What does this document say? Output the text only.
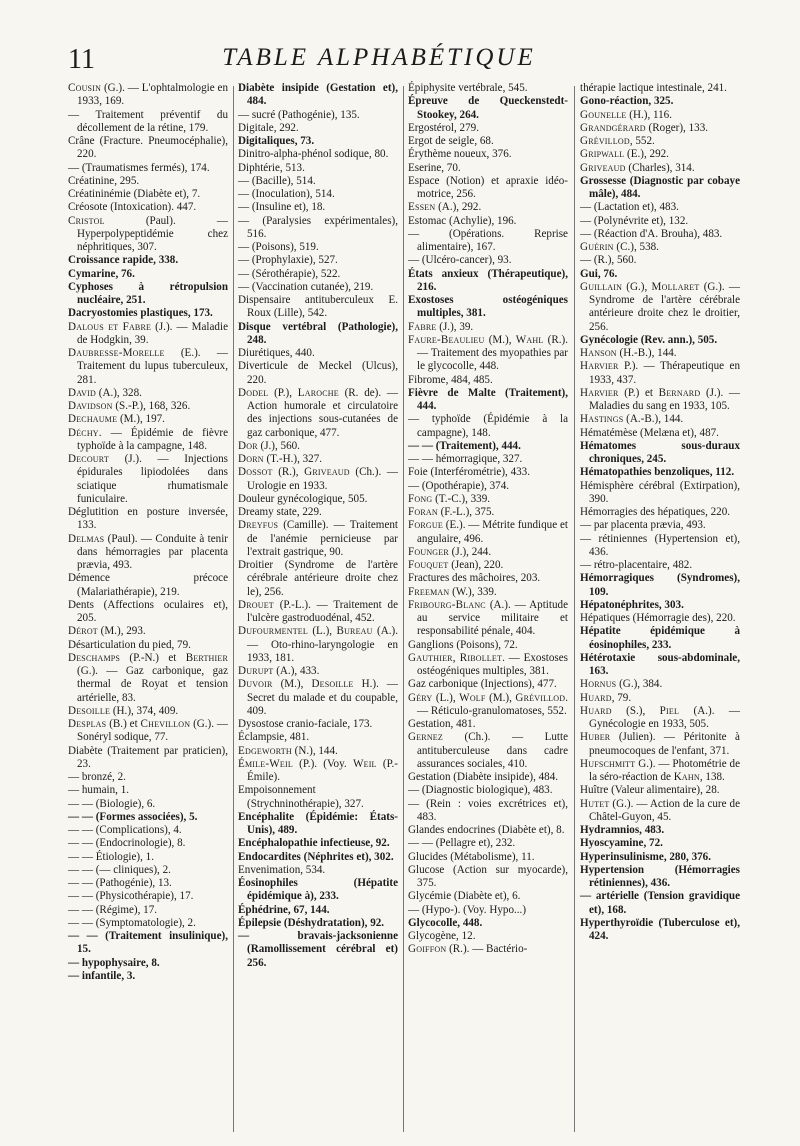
11	TABLE ALPHABÉTIQUE

Cousin (G.). — L'ophtalmologie en 1933, 169.

— Traitement préventif du décollement de la rétine, 179.

Crâne (Fracture. Pneumocéphalie), 220.

— (Traumatismes fermés), 174.

Créatinine, 295.

Créatininémie (Diabète et), 7.

Créosote (Intoxication). 447.

Cristol (Paul). — Hyperpolypeptidémie chez néphritiques, 307.

Croissance rapide, 338.

Cymarine, 76.

Cyphoses à rétropulsion nucléaire, 251.

Dacryostomies plastiques, 173.

Dalous et Fabre (J.). — Maladie de Hodgkin, 39.

Daubresse-Morelle (E.). — Traitement du lupus tuberculeux, 281.

David (A.), 328.

Davidson (S.-P.), 168, 326.

Dechaume (M.), 197.

Déchy. — Épidémie de fièvre typhoïde à la campagne, 148.

Decourt (J.). — Injections épidurales lipiodolées dans sciatique rhumatismale funiculaire.

Déglutition en posture inversée, 133.

Delmas (Paul). — Conduite à tenir dans hémorragies par placenta prævia, 493.

Démence précoce (Malariathérapie), 219.

Dents (Affections oculaires et), 205.

Dérot (M.), 293.

Désarticulation du pied, 79.

Deschamps (P.-N.) et Berthier (G.). — Gaz carbonique, gaz thermal de Royat et tension artérielle, 83.

Desoille (H.), 374, 409.

Desplas (B.) et Chevillon (G.). — Sonéryl sodique, 77.

Diabète (Traitement par praticien), 23.

— bronzé, 2.

— humain, 1.

— — (Biologie), 6.

— — (Formes associées), 5.

— — (Complications), 4.

— — (Endocrinologie), 8.

— — Étiologie), 1.

— — (— cliniques), 2.

— — (Pathogénie), 13.

— — (Physicothérapie), 17.

— — (Régime), 17.

— — (Symptomatologie), 2.

— — (Traitement insulinique), 15.

— hypophysaire, 8.

— infantile, 3.

Diabète insipide (Gestation et), 484.

— sucré (Pathogénie), 135.

Digitale, 292.

Digitaliques, 73.

Dinitro-alpha-phénol sodique, 80.

Diphtérie, 513.

— (Bacille), 514.

— (Inoculation), 514.

— (Insuline et), 18.

— (Paralysies expérimentales), 516.

— (Poisons), 519.

— (Prophylaxie), 527.

— (Sérothérapie), 522.

— (Vaccination cutanée), 219.

Dispensaire antituberculeux E. Roux (Lille), 542.

Disque vertébral (Pathologie), 248.

Diurétiques, 440.

Diverticule de Meckel (Ulcus), 220.

Dodel (P.), Laroche (R. de). — Action humorale et circulatoire des injections sous-cutanées de gaz carbonique, 477.

Dor (J.), 560.

Dorn (T.-H.), 327.

Dossot (R.), Griveaud (Ch.). — Urologie en 1933.

Douleur gynécologique, 505.

Dreamy state, 229.

Dreyfus (Camille). — Traitement de l'anémie pernicieuse par l'extrait gastrique, 90.

Droitier (Syndrome de l'artère cérébrale antérieure droite chez le), 256.

Drouet (P.-L.). — Traitement de l'ulcère gastroduodénal, 452.

Dufourmentel (L.), Bureau (A.). — Oto-rhino-laryngologie en 1933, 181.

Durupt (A.), 433.

Duvoir (M.), Desoille H.). — Secret du malade et du coupable, 409.

Dysostose cranio-faciale, 173.

Éclampsie, 481.

Edgeworth (N.), 144.

Émile-Weil (P.). (Voy. Weil (P.-Émile).

Empoisonnement (Strychninothérapie), 327.

Encéphalite (Épidémie: États-Unis), 489.

Encéphalopathie infectieuse, 92.

Endocardites (Néphrites et), 302.

Envenimation, 534.

Éosinophiles (Hépatite épidémique à), 233.

Éphédrine, 67, 144.

Épilepsie (Déshydratation), 92.

— bravais-jacksonienne (Ramollissement cérébral et) 256.

Épiphysite vertébrale, 545.

Épreuve de Queckenstedt-Stookey, 264.

Ergostérol, 279.

Ergot de seigle, 68.

Érythème noueux, 376.

Eserine, 70.

Espace (Notion) et apraxie idéo-motrice, 256.

Essen (A.), 292.

Estomac (Achylie), 196.

— (Opérations. Reprise alimentaire), 167.

— (Ulcéro-cancer), 93.

États anxieux (Thérapeutique), 216.

Exostoses ostéogéniques multiples, 381.

Fabre (J.), 39.

Faure-Beaulieu (M.), Wahl (R.). — Traitement des myopathies par le glycocolle, 448.

Fibrome, 484, 485.

Fièvre de Malte (Traitement), 444.

— typhoïde (Épidémie à la campagne), 148.

— — (Traitement), 444.

— — hémorragique, 327.

Foie (Interférométrie), 433.

— (Opothérapie), 374.

Fong (T.-C.), 339.

Foran (F.-L.), 375.

Forgue (E.). — Métrite fundique et angulaire, 496.

Founger (J.), 244.

Fouquet (Jean), 220.

Fractures des mâchoires, 203.

Freeman (W.), 339.

Fribourg-Blanc (A.). — Aptitude au service militaire et responsabilité pénale, 404.

Ganglions (Poisons), 72.

Gauthier, Ribollet. — Exostoses ostéogéniques multiples, 381.

Gaz carbonique (Injections), 477.

Géry (L.), Wolf (M.), Grévillod. — Réticulo-granulomatoses, 552.

Gestation, 481.

Gernez (Ch.). — Lutte antituberculeuse dans cadre assurances sociales, 410.

Gestation (Diabète insipide), 484.

— (Diagnostic biologique), 483.

— (Rein : voies excrétrices et), 483.

Glandes endocrines (Diabète et), 8.

— — (Pellagre et), 232.

Glucides (Métabolisme), 11.

Glucose (Action sur myocarde), 375.

Glycémie (Diabète et), 6.

— (Hypo-). (Voy. Hypo...)

Glycocolle, 448.

Glycogène, 12.

Goiffon (R.). — Bactério-

thérapie lactique intestinale, 241.

Gono-réaction, 325.

Gounelle (H.), 116.

Grandgérard (Roger), 133.

Grévillod, 552.

Gripwall (E.), 292.

Griveaud (Charles), 314.

Grossesse (Diagnostic par cobaye mâle), 484.

— (Lactation et), 483.

— (Polynévrite et), 132.

— (Réaction d'A. Brouha), 483.

Guérin (C.), 538.

— (R.), 560.

Gui, 76.

Guillain (G.), Mollaret (G.). — Syndrome de l'artère cérébrale antérieure droite chez le droitier, 256.

Gynécologie (Rev. ann.), 505.

Hanson (H.-B.), 144.

Harvier P.). — Thérapeutique en 1933, 437.

Harvier (P.) et Bernard (J.). — Maladies du sang en 1933, 105.

Hastings (A.-B.), 144.

Hématémèse (Melæna et), 487.

Hématomes sous-duraux chroniques, 245.

Hématopathies benzoliques, 112.

Hémisphère cérébral (Extirpation), 390.

Hémorragies des hépatiques, 220.

— par placenta prævia, 493.

— rétiniennes (Hypertension et), 436.

— rétro-placentaire, 482.

Hémorragiques (Syndromes), 109.

Hépatonéphrites, 303.

Hépatiques (Hémorragie des), 220.

Hépatite épidémique à éosinophiles, 233.

Hétérotaxie sous-abdominale, 163.

Hornus (G.), 384.

Huard, 79.

Huard (S.), Piel (A.). — Gynécologie en 1933, 505.

Huber (Julien). — Péritonite à pneumocoques de l'enfant, 371.

Hufschmitt G.). — Photométrie de la séro-réaction de Kahn, 138.

Huître (Valeur alimentaire), 28.

Hutet (G.). — Action de la cure de Châtel-Guyon, 45.

Hydramnios, 483.

Hyoscyamine, 72.

Hyperinsulinisme, 280, 376.

Hypertension (Hémorragies rétiniennes), 436.

— artérielle (Tension gravidique et), 168.

Hyperthyroïdie (Tuberculose et), 424.
